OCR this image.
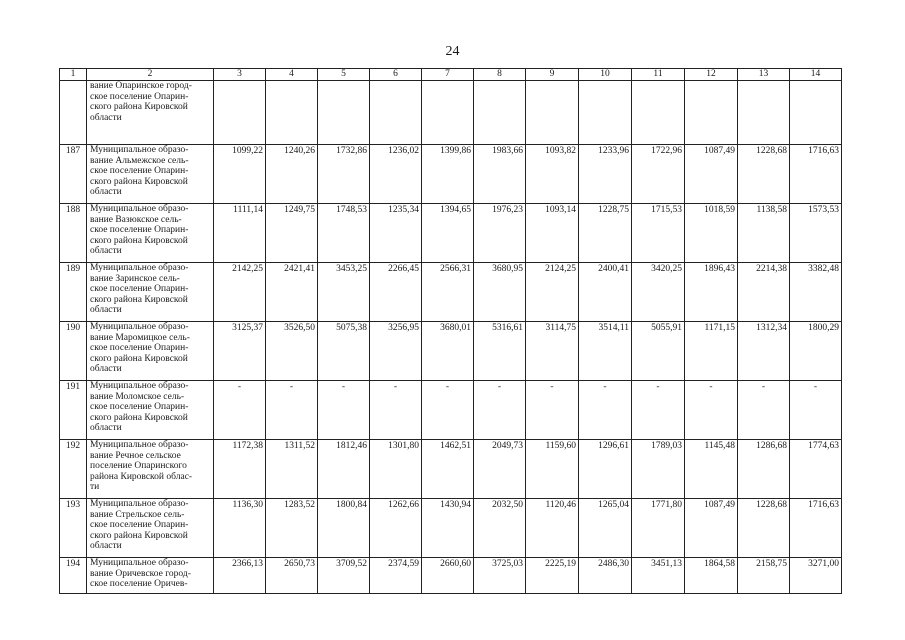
24
1	2	3	4	5	6	7	8	9	10	11	12	13	14

	вание Опаринское город-
ское поселение Опарин-
ского района Кировской
области												

187	Муниципальное образо-
вание Альмежское сель-
ское поселение Опарин-
ского района Кировской
области	1099,22	1240,26	1732,86	1236,02	1399,86	1983,66	1093,82	1233,96	1722,96	1087,49	1228,68	1716,63
188	Муниципальное образо-
вание Вазюкское сель-
ское поселение Опарин-
ского района Кировской
области	1111,14	1249,75	1748,53	1235,34	1394,65	1976,23	1093,14	1228,75	1715,53	1018,59	1138,58	1573,53
189	Муниципальное образо-
вание Заринское сель-
ское поселение Опарин-
ского района Кировской
области	2142,25	2421,41	3453,25	2266,45	2566,31	3680,95	2124,25	2400,41	3420,25	1896,43	2214,38	3382,48
190	Муниципальное образо-
вание Маромицкое сель-
ское поселение Опарин-
ского района Кировской
области	3125,37	3526,50	5075,38	3256,95	3680,01	5316,61	3114,75	3514,11	5055,91	1171,15	1312,34	1800,29
191	Муниципальное образо-
вание Моломское сель-
ское поселение Опарин-
ского района Кировской
области	-	-	-	-	-	-	-	-	-	-	-	-
192	Муниципальное образо-
вание Речное сельское
поселение Опаринского
района Кировской облас-
ти	1172,38	1311,52	1812,46	1301,80	1462,51	2049,73	1159,60	1296,61	1789,03	1145,48	1286,68	1774,63
193	Муниципальное образо-
вание Стрельское сель-
ское поселение Опарин-
ского района Кировской
области	1136,30	1283,52	1800,84	1262,66	1430,94	2032,50	1120,46	1265,04	1771,80	1087,49	1228,68	1716,63
194	Муниципальное образо-
вание Оричевское город-
ское поселение Оричев-	2366,13	2650,73	3709,52	2374,59	2660,60	3725,03	2225,19	2486,30	3451,13	1864,58	2158,75	3271,00
